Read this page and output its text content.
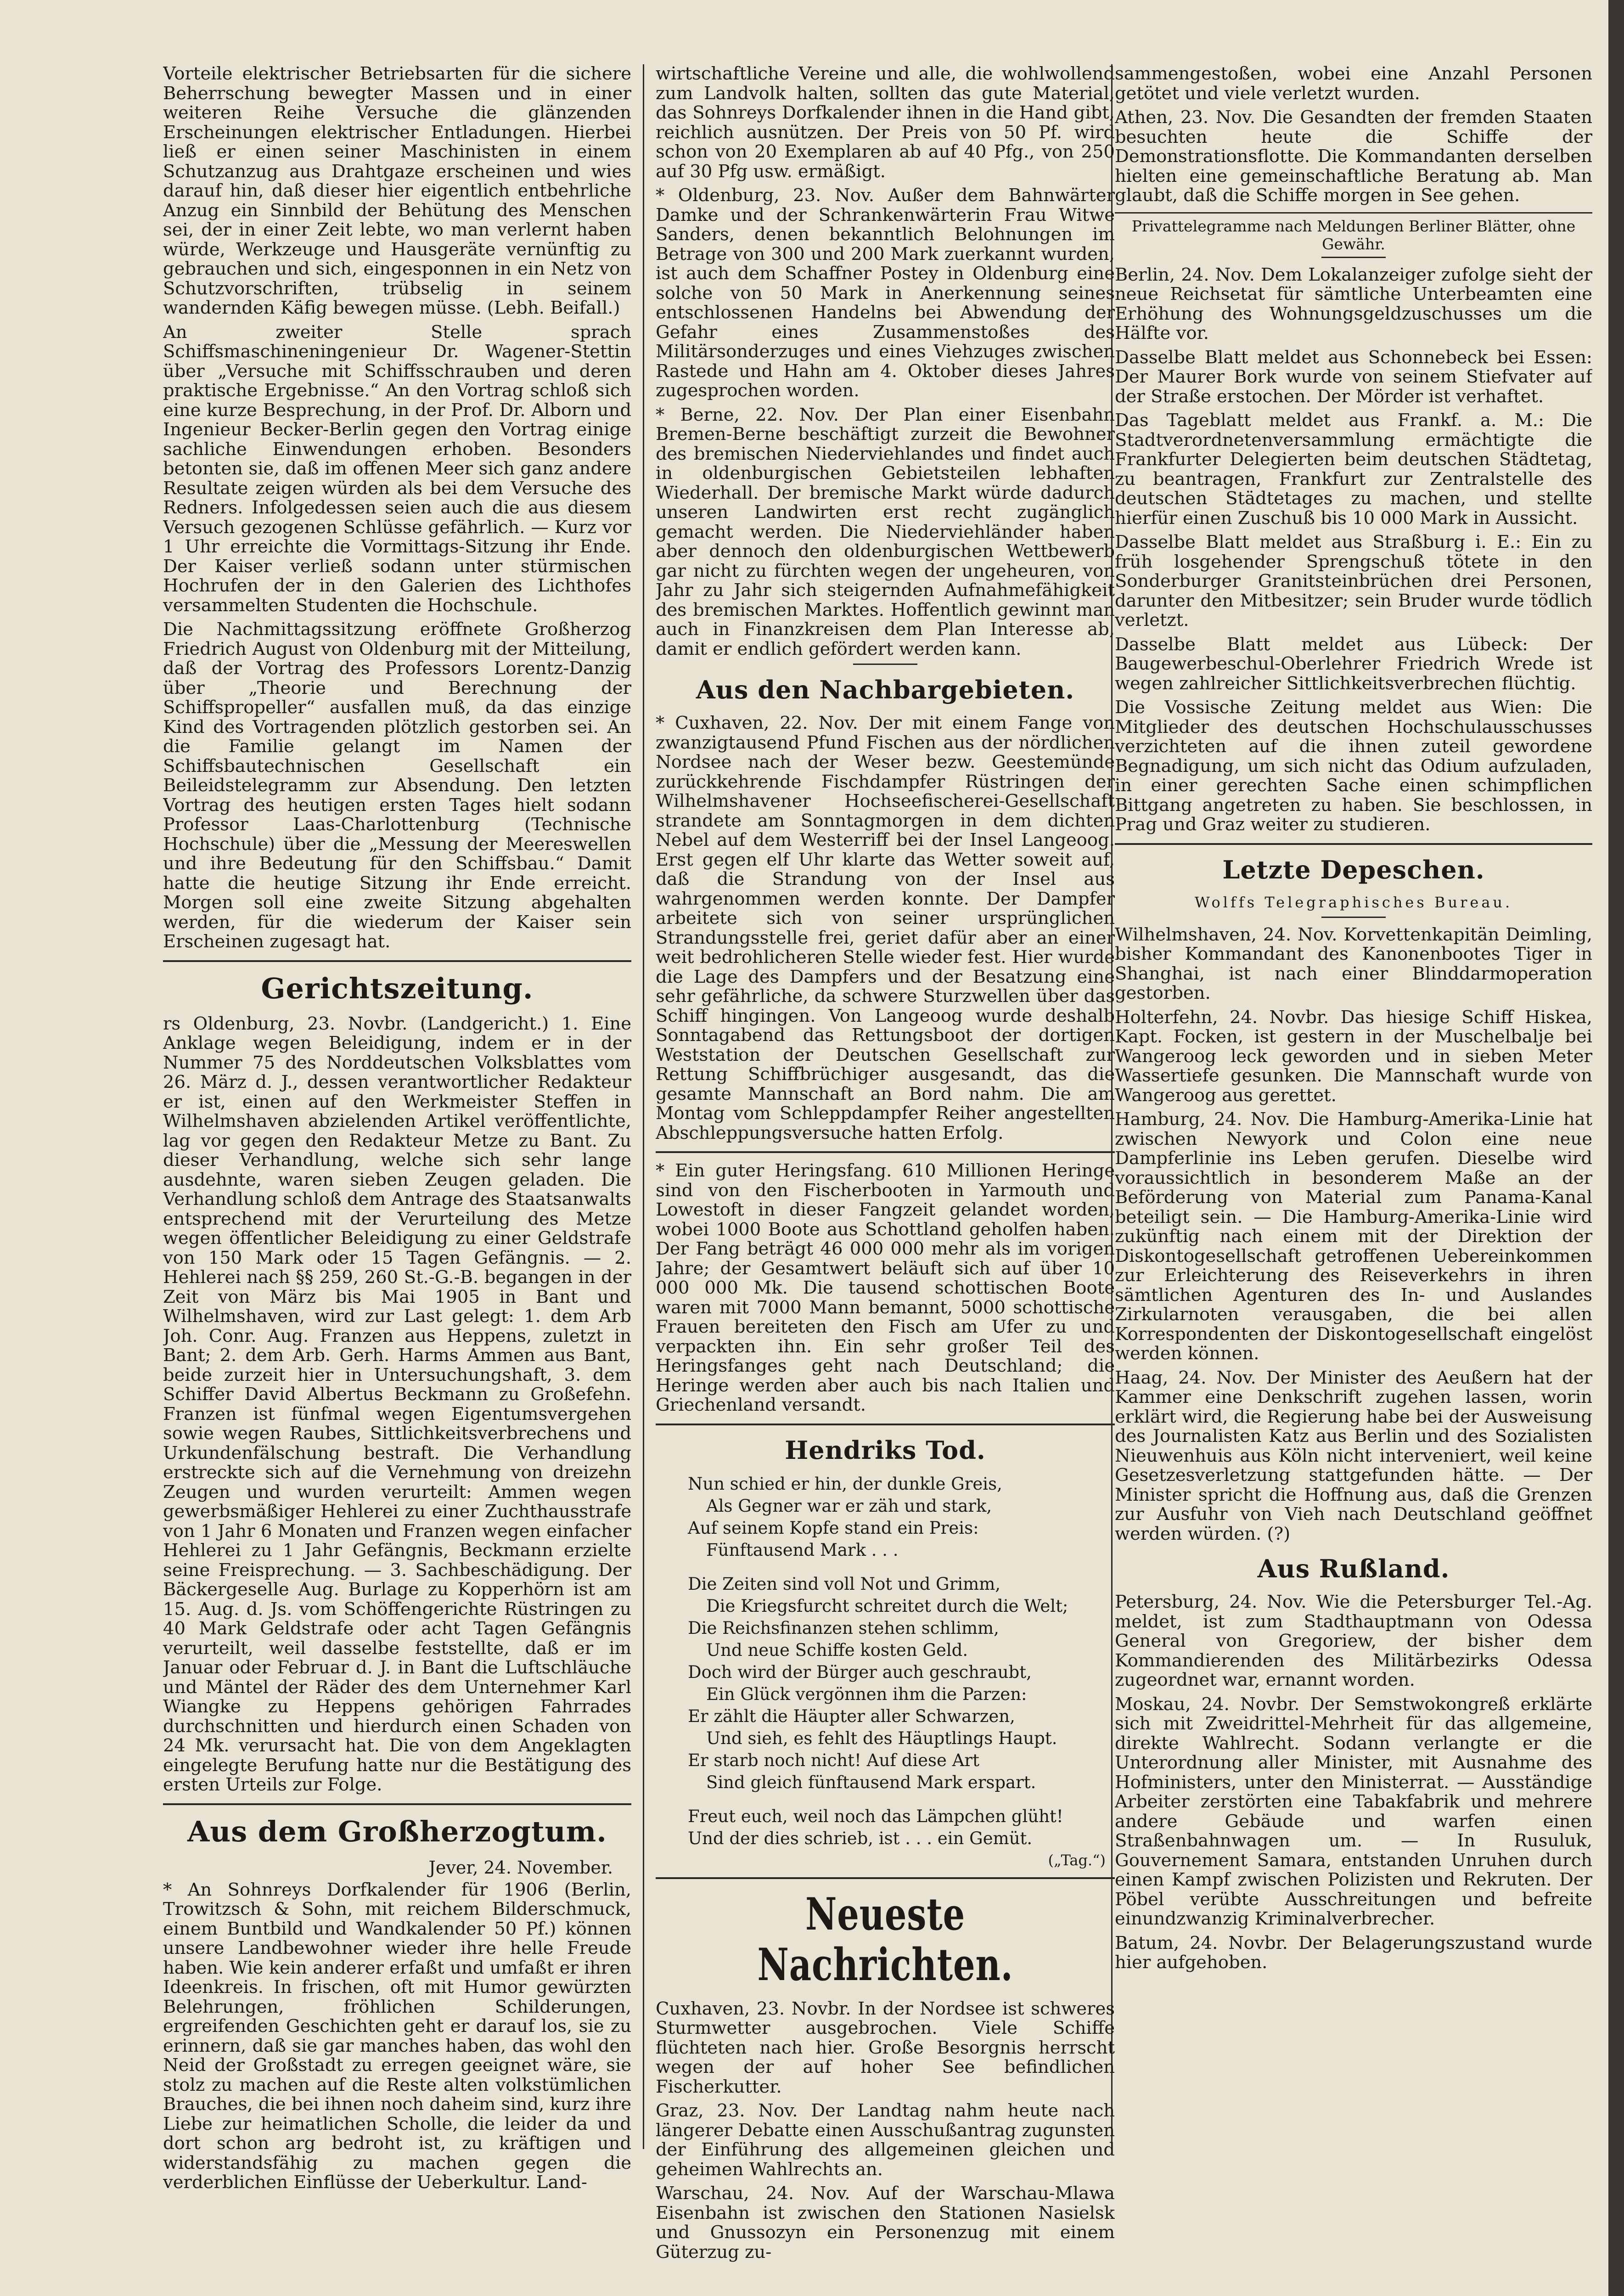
Vorteile elektrischer Betriebsarten für die sichere Beherrschung bewegter Massen und in einer weiteren Reihe Versuche die glänzenden Erscheinungen elektrischer Entladungen. Hierbei ließ er einen seiner Maschinisten in einem Schutzanzug aus Drahtgaze erscheinen und wies darauf hin, daß dieser hier eigentlich entbehrliche Anzug ein Sinnbild der Behütung des Menschen sei, der in einer Zeit lebte, wo man verlernt haben würde, Werkzeuge und Hausgeräte vernünftig zu gebrauchen und sich, eingesponnen in ein Netz von Schutzvorschriften, trübselig in seinem wandernden Käfig bewegen müsse. (Lebh. Beifall.)

An zweiter Stelle sprach Schiffsmaschineningenieur Dr. Wagener-Stettin über „Versuche mit Schiffsschrauben und deren praktische Ergebnisse.“ An den Vortrag schloß sich eine kurze Besprechung, in der Prof. Dr. Alborn und Ingenieur Becker-Berlin gegen den Vortrag einige sachliche Einwendungen erhoben. Besonders betonten sie, daß im offenen Meer sich ganz andere Resultate zeigen würden als bei dem Versuche des Redners. Infolgedessen seien auch die aus diesem Versuch gezogenen Schlüsse gefährlich. — Kurz vor 1 Uhr erreichte die Vormittags-Sitzung ihr Ende. Der Kaiser verließ sodann unter stürmischen Hochrufen der in den Galerien des Lichthofes versammelten Studenten die Hochschule.

Die Nachmittagssitzung eröffnete Großherzog Friedrich August von Oldenburg mit der Mitteilung, daß der Vortrag des Professors Lorentz-Danzig über „Theorie und Berechnung der Schiffspropeller“ ausfallen muß, da das einzige Kind des Vortragenden plötzlich gestorben sei. An die Familie gelangt im Namen der Schiffsbautechnischen Gesellschaft ein Beileidstelegramm zur Absendung. Den letzten Vortrag des heutigen ersten Tages hielt sodann Professor Laas-Charlottenburg (Technische Hochschule) über die „Messung der Meereswellen und ihre Bedeutung für den Schiffsbau.“ Damit hatte die heutige Sitzung ihr Ende erreicht. Morgen soll eine zweite Sitzung abgehalten werden, für die wiederum der Kaiser sein Erscheinen zugesagt hat.

Gerichtszeitung.

rs Oldenburg, 23. Novbr. (Landgericht.) 1. Eine Anklage wegen Beleidigung, indem er in der Nummer 75 des Norddeutschen Volksblattes vom 26. März d. J., dessen verantwortlicher Redakteur er ist, einen auf den Werkmeister Steffen in Wilhelmshaven abzielenden Artikel veröffentlichte, lag vor gegen den Redakteur Metze zu Bant. Zu dieser Verhandlung, welche sich sehr lange ausdehnte, waren sieben Zeugen geladen. Die Verhandlung schloß dem Antrage des Staatsanwalts entsprechend mit der Verurteilung des Metze wegen öffentlicher Beleidigung zu einer Geldstrafe von 150 Mark oder 15 Tagen Gefängnis. — 2. Hehlerei nach §§ 259, 260 St.-G.-B. begangen in der Zeit von März bis Mai 1905 in Bant und Wilhelmshaven, wird zur Last gelegt: 1. dem Arb Joh. Conr. Aug. Franzen aus Heppens, zuletzt in Bant; 2. dem Arb. Gerh. Harms Ammen aus Bant, beide zurzeit hier in Untersuchungshaft, 3. dem Schiffer David Albertus Beckmann zu Großefehn. Franzen ist fünfmal wegen Eigentumsvergehen sowie wegen Raubes, Sittlichkeitsverbrechens und Urkundenfälschung bestraft. Die Verhandlung erstreckte sich auf die Vernehmung von dreizehn Zeugen und wurden verurteilt: Ammen wegen gewerbsmäßiger Hehlerei zu einer Zuchthausstrafe von 1 Jahr 6 Monaten und Franzen wegen einfacher Hehlerei zu 1 Jahr Gefängnis, Beckmann erzielte seine Freisprechung. — 3. Sachbeschädigung. Der Bäckergeselle Aug. Burlage zu Kopperhörn ist am 15. Aug. d. Js. vom Schöffengerichte Rüstringen zu 40 Mark Geldstrafe oder acht Tagen Gefängnis verurteilt, weil dasselbe feststellte, daß er im Januar oder Februar d. J. in Bant die Luftschläuche und Mäntel der Räder des dem Unternehmer Karl Wiangke zu Heppens gehörigen Fahrrades durchschnitten und hierdurch einen Schaden von 24 Mk. verursacht hat. Die von dem Angeklagten eingelegte Berufung hatte nur die Bestätigung des ersten Urteils zur Folge.

Aus dem Großherzogtum.
Jever, 24. November.

* An Sohnreys Dorfkalender für 1906 (Berlin, Trowitzsch & Sohn, mit reichem Bilderschmuck, einem Buntbild und Wandkalender 50 Pf.) können unsere Landbewohner wieder ihre helle Freude haben. Wie kein anderer erfaßt und umfaßt er ihren Ideenkreis. In frischen, oft mit Humor gewürzten Belehrungen, fröhlichen Schilderungen, ergreifenden Geschichten geht er darauf los, sie zu erinnern, daß sie gar manches haben, das wohl den Neid der Großstadt zu erregen geeignet wäre, sie stolz zu machen auf die Reste alten volkstümlichen Brauches, die bei ihnen noch daheim sind, kurz ihre Liebe zur heimatlichen Scholle, die leider da und dort schon arg bedroht ist, zu kräftigen und widerstandsfähig zu machen gegen die verderblichen Einflüsse der Ueberkultur. Land-

wirtschaftliche Vereine und alle, die wohlwollend zum Landvolk halten, sollten das gute Material, das Sohnreys Dorfkalender ihnen in die Hand gibt, reichlich ausnützen. Der Preis von 50 Pf. wird schon von 20 Exemplaren ab auf 40 Pfg., von 250 auf 30 Pfg usw. ermäßigt.

* Oldenburg, 23. Nov. Außer dem Bahnwärter Damke und der Schrankenwärterin Frau Witwe Sanders, denen bekanntlich Belohnungen im Betrage von 300 und 200 Mark zuerkannt wurden, ist auch dem Schaffner Postey in Oldenburg eine solche von 50 Mark in Anerkennung seines entschlossenen Handelns bei Abwendung der Gefahr eines Zusammenstoßes des Militärsonderzuges und eines Viehzuges zwischen Rastede und Hahn am 4. Oktober dieses Jahres zugesprochen worden.

* Berne, 22. Nov. Der Plan einer Eisenbahn Bremen-Berne beschäftigt zurzeit die Bewohner des bremischen Niederviehlandes und findet auch in oldenburgischen Gebietsteilen lebhaften Wiederhall. Der bremische Markt würde dadurch unseren Landwirten erst recht zugänglich gemacht werden. Die Niederviehländer haben aber dennoch den oldenburgischen Wettbewerb gar nicht zu fürchten wegen der ungeheuren, von Jahr zu Jahr sich steigernden Aufnahmefähigkeit des bremischen Marktes. Hoffentlich gewinnt man auch in Finanzkreisen dem Plan Interesse ab, damit er endlich gefördert werden kann.

Aus den Nachbargebieten.

* Cuxhaven, 22. Nov. Der mit einem Fange von zwanzigtausend Pfund Fischen aus der nördlichen Nordsee nach der Weser bezw. Geestemünde zurückkehrende Fischdampfer Rüstringen der Wilhelmshavener Hochseefischerei-Gesellschaft strandete am Sonntagmorgen in dem dichten Nebel auf dem Westerriff bei der Insel Langeoog. Erst gegen elf Uhr klarte das Wetter soweit auf, daß die Strandung von der Insel aus wahrgenommen werden konnte. Der Dampfer arbeitete sich von seiner ursprünglichen Strandungsstelle frei, geriet dafür aber an einer weit bedrohlicheren Stelle wieder fest. Hier wurde die Lage des Dampfers und der Besatzung eine sehr gefährliche, da schwere Sturzwellen über das Schiff hingingen. Von Langeoog wurde deshalb Sonntagabend das Rettungsboot der dortigen Weststation der Deutschen Gesellschaft zur Rettung Schiffbrüchiger ausgesandt, das die gesamte Mannschaft an Bord nahm. Die am Montag vom Schleppdampfer Reiher angestellten Abschleppungsversuche hatten Erfolg.

* Ein guter Heringsfang. 610 Millionen Heringe sind von den Fischerbooten in Yarmouth und Lowestoft in dieser Fangzeit gelandet worden, wobei 1000 Boote aus Schottland geholfen haben. Der Fang beträgt 46 000 000 mehr als im vorigen Jahre; der Gesamtwert beläuft sich auf über 10 000 000 Mk. Die tausend schottischen Boote waren mit 7000 Mann bemannt, 5000 schottische Frauen bereiteten den Fisch am Ufer zu und verpackten ihn. Ein sehr großer Teil des Heringsfanges geht nach Deutschland; die Heringe werden aber auch bis nach Italien und Griechenland versandt.

Hendriks Tod.
Nun schied er hin, der dunkle Greis,
Als Gegner war er zäh und stark,
Auf seinem Kopfe stand ein Preis:
Fünftausend Mark . . .
Die Zeiten sind voll Not und Grimm,
Die Kriegsfurcht schreitet durch die Welt;
Die Reichsfinanzen stehen schlimm,
Und neue Schiffe kosten Geld.
Doch wird der Bürger auch geschraubt,
Ein Glück vergönnen ihm die Parzen:
Er zählt die Häupter aller Schwarzen,
Und sieh, es fehlt des Häuptlings Haupt.
Er starb noch nicht! Auf diese Art
Sind gleich fünftausend Mark erspart.
Freut euch, weil noch das Lämpchen glüht!
Und der dies schrieb, ist . . . ein Gemüt.
(„Tag.“)
Neueste Nachrichten.

Cuxhaven, 23. Novbr. In der Nordsee ist schweres Sturmwetter ausgebrochen. Viele Schiffe flüchteten nach hier. Große Besorgnis herrscht wegen der auf hoher See befindlichen Fischerkutter.

Graz, 23. Nov. Der Landtag nahm heute nach längerer Debatte einen Ausschußantrag zugunsten der Einführung des allgemeinen gleichen und geheimen Wahlrechts an.

Warschau, 24. Nov. Auf der Warschau-Mlawa Eisenbahn ist zwischen den Stationen Nasielsk und Gnussozyn ein Personenzug mit einem Güterzug zu-

sammengestoßen, wobei eine Anzahl Personen getötet und viele verletzt wurden.

Athen, 23. Nov. Die Gesandten der fremden Staaten besuchten heute die Schiffe der Demonstrationsflotte. Die Kommandanten derselben hielten eine gemeinschaftliche Beratung ab. Man glaubt, daß die Schiffe morgen in See gehen.

Privattelegramme nach Meldungen Berliner Blätter, ohne Gewähr.

Berlin, 24. Nov. Dem Lokalanzeiger zufolge sieht der neue Reichsetat für sämtliche Unterbeamten eine Erhöhung des Wohnungsgeldzuschusses um die Hälfte vor.

Dasselbe Blatt meldet aus Schonnebeck bei Essen: Der Maurer Bork wurde von seinem Stiefvater auf der Straße erstochen. Der Mörder ist verhaftet.

Das Tageblatt meldet aus Frankf. a. M.: Die Stadtverordnetenversammlung ermächtigte die Frankfurter Delegierten beim deutschen Städtetag, zu beantragen, Frankfurt zur Zentralstelle des deutschen Städtetages zu machen, und stellte hierfür einen Zuschuß bis 10 000 Mark in Aussicht.

Dasselbe Blatt meldet aus Straßburg i. E.: Ein zu früh losgehender Sprengschuß tötete in den Sonderburger Granitsteinbrüchen drei Personen, darunter den Mitbesitzer; sein Bruder wurde tödlich verletzt.

Dasselbe Blatt meldet aus Lübeck: Der Baugewerbeschul-Oberlehrer Friedrich Wrede ist wegen zahlreicher Sittlichkeitsverbrechen flüchtig.

Die Vossische Zeitung meldet aus Wien: Die Mitglieder des deutschen Hochschulausschusses verzichteten auf die ihnen zuteil gewordene Begnadigung, um sich nicht das Odium aufzuladen, in einer gerechten Sache einen schimpflichen Bittgang angetreten zu haben. Sie beschlossen, in Prag und Graz weiter zu studieren.

Letzte Depeschen.
Wolffs Telegraphisches Bureau.

Wilhelmshaven, 24. Nov. Korvettenkapitän Deimling, bisher Kommandant des Kanonenbootes Tiger in Shanghai, ist nach einer Blinddarmoperation gestorben.

Holterfehn, 24. Novbr. Das hiesige Schiff Hiskea, Kapt. Focken, ist gestern in der Muschelbalje bei Wangeroog leck geworden und in sieben Meter Wassertiefe gesunken. Die Mannschaft wurde von Wangeroog aus gerettet.

Hamburg, 24. Nov. Die Hamburg-Amerika-Linie hat zwischen Newyork und Colon eine neue Dampferlinie ins Leben gerufen. Dieselbe wird voraussichtlich in besonderem Maße an der Beförderung von Material zum Panama-Kanal beteiligt sein. — Die Hamburg-Amerika-Linie wird zukünftig nach einem mit der Direktion der Diskontogesellschaft getroffenen Uebereinkommen zur Erleichterung des Reiseverkehrs in ihren sämtlichen Agenturen des In- und Auslandes Zirkularnoten verausgaben, die bei allen Korrespondenten der Diskontogesellschaft eingelöst werden können.

Haag, 24. Nov. Der Minister des Aeußern hat der Kammer eine Denkschrift zugehen lassen, worin erklärt wird, die Regierung habe bei der Ausweisung des Journalisten Katz aus Berlin und des Sozialisten Nieuwenhuis aus Köln nicht interveniert, weil keine Gesetzesverletzung stattgefunden hätte. — Der Minister spricht die Hoffnung aus, daß die Grenzen zur Ausfuhr von Vieh nach Deutschland geöffnet werden würden. (?)

Aus Rußland.

Petersburg, 24. Nov. Wie die Petersburger Tel.-Ag. meldet, ist zum Stadthauptmann von Odessa General von Gregoriew, der bisher dem Kommandierenden des Militärbezirks Odessa zugeordnet war, ernannt worden.

Moskau, 24. Novbr. Der Semstwokongreß erklärte sich mit Zweidrittel-Mehrheit für das allgemeine, direkte Wahlrecht. Sodann verlangte er die Unterordnung aller Minister, mit Ausnahme des Hofministers, unter den Ministerrat. — Ausständige Arbeiter zerstörten eine Tabakfabrik und mehrere andere Gebäude und warfen einen Straßenbahnwagen um. — In Rusuluk, Gouvernement Samara, entstanden Unruhen durch einen Kampf zwischen Polizisten und Rekruten. Der Pöbel verübte Ausschreitungen und befreite einundzwanzig Kriminalverbrecher.

Batum, 24. Novbr. Der Belagerungszustand wurde hier aufgehoben.
